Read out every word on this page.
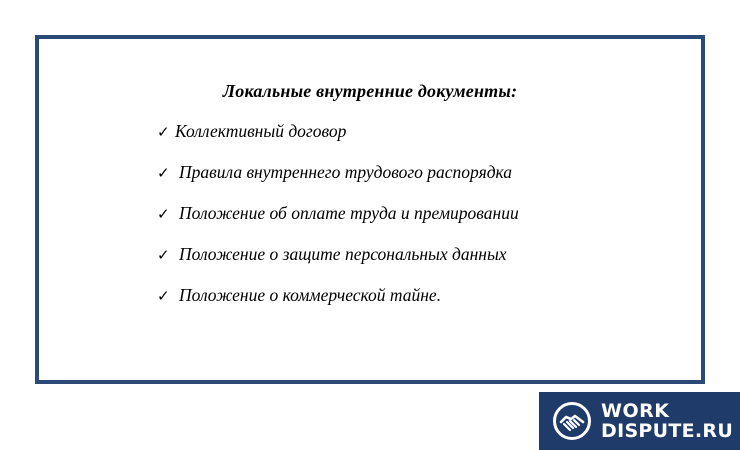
Локальные внутренние документы:
✓ Коллективный договор
✓ Правила внутреннего трудового распорядка
✓ Положение об оплате труда и премировании
✓ Положение о защите персональных данных
✓ Положение о коммерческой тайне.
WORK
DISPUTE.RU
